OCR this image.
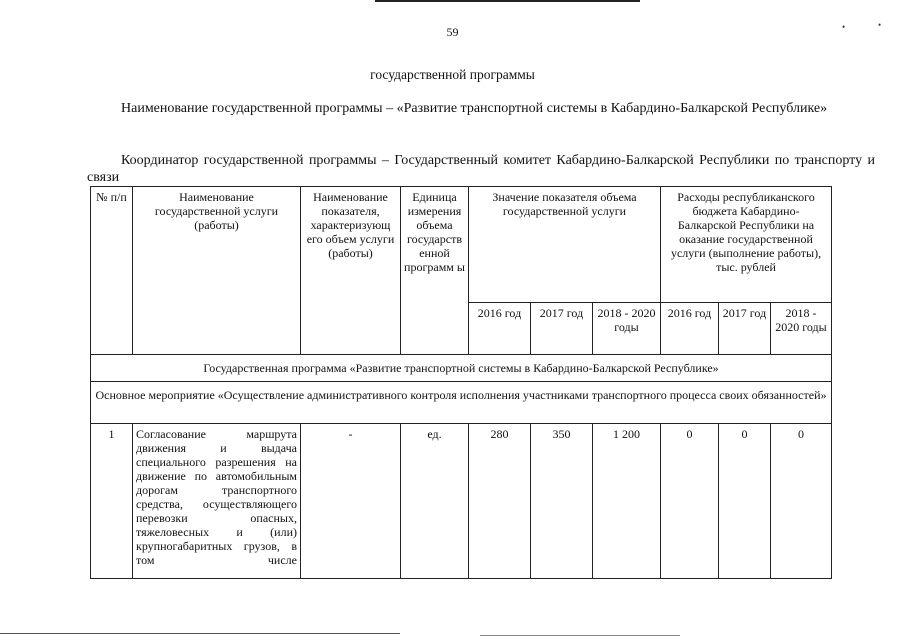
•	•
59
государственной программы
Наименование государственной программы – «Развитие транспортной системы в Кабардино-Балкарской Республике»
Координатор государственной программы – Государственный комитет Кабардино-Балкарской Республики по транспорту и связи
№ п/п	Наименование государственной услуги (работы)	Наименование показателя, характеризующ его объем услуги (работы)	Единица измерения объема государств енной программ ы	Значение показателя объема государственной услуги			Расходы республиканского бюджета Кабардино-Балкарской Республики на оказание государственной услуги (выполнение работы), тыс. рублей		
				2016 год	2017 год	2018 - 2020 годы	2016 год	2017 год	2018 - 2020 годы
Государственная программа «Развитие транспортной системы в Кабардино-Балкарской Республике»									
Основное мероприятие «Осуществление административного контроля исполнения участниками транспортного процесса своих обязанностей»									
1	Согласование маршрута движения и выдача специального разрешения на движение по автомобильным дорогам транспортного средства, осуществляющего перевозки опасных, тяжеловесных и (или) крупногабаритных грузов, в том числе	-	ед.	280	350	1 200	0	0	0
